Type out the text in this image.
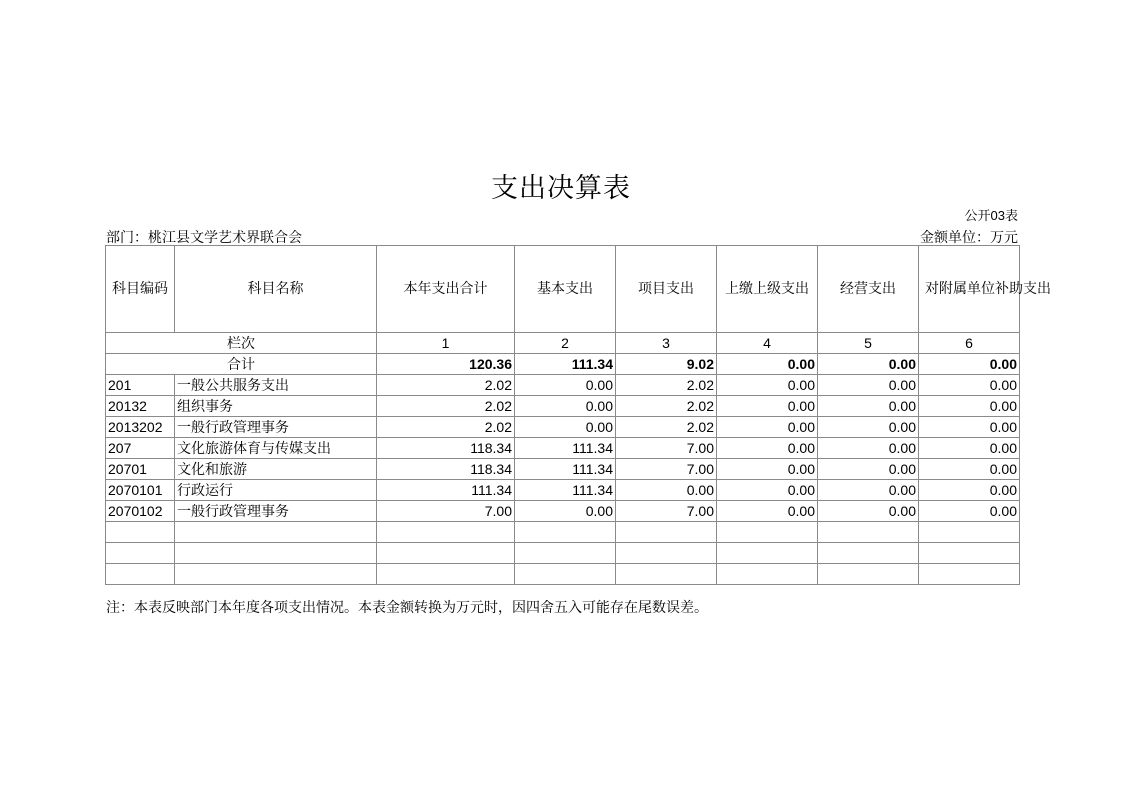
支出决算表
公开03表
部门：桃江县文学艺术界联合会	金额单位：万元
科目编码	科目名称	本年支出合计	基本支出	项目支出	上缴上级支出	经营支出	对附属单位补助支出
栏次		1	2	3	4	5	6
合计		120.36	111.34	9.02	0.00	0.00	0.00
201	一般公共服务支出	2.02	0.00	2.02	0.00	0.00	0.00
20132	组织事务	2.02	0.00	2.02	0.00	0.00	0.00
2013202	一般行政管理事务	2.02	0.00	2.02	0.00	0.00	0.00
207	文化旅游体育与传媒支出	118.34	111.34	7.00	0.00	0.00	0.00
20701	文化和旅游	118.34	111.34	7.00	0.00	0.00	0.00
2070101	行政运行	111.34	111.34	0.00	0.00	0.00	0.00
2070102	一般行政管理事务	7.00	0.00	7.00	0.00	0.00	0.00

注：本表反映部门本年度各项支出情况。本表金额转换为万元时，因四舍五入可能存在尾数误差。
